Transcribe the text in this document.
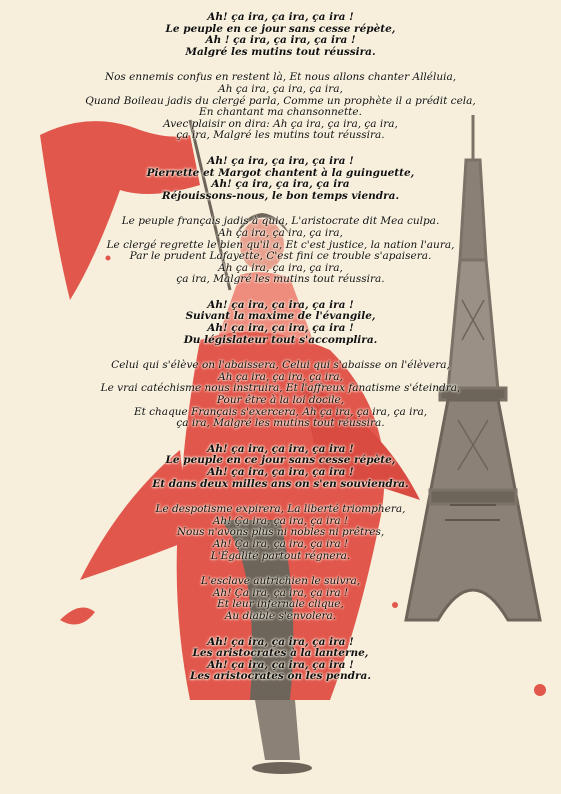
Ah! ça ira, ça ira, ça ira !
Le peuple en ce jour sans cesse répète,
Ah ! ça ira, ça ira, ça ira !
Malgré les mutins tout réussira.
Nos ennemis confus en restent là, Et nous allons chanter Alléluia,
Ah ça ira, ça ira, ça ira,
Quand Boileau jadis du clergé parla, Comme un prophète il a prédit cela,
En chantant ma chansonnette.
Avec plaisir on dira: Ah ça ira, ça ira, ça ira,
ça ira, Malgré les mutins tout réussira.
Ah! ça ira, ça ira, ça ira !
Pierrette et Margot chantent à la guinguette,
Ah! ça ira, ça ira, ça ira
Réjouissons-nous, le bon temps viendra.
Le peuple français jadis à quia, L'aristocrate dit Mea culpa.
Ah ça ira, ça ira, ça ira,
Le clergé regrette le bien qu'il a, Et c'est justice, la nation l'aura,
Par le prudent Lafayette, C'est fini ce trouble s'apaisera.
Ah ça ira, ça ira, ça ira,
ça ira, Malgré les mutins tout réussira.
Ah! ça ira, ça ira, ça ira !
Suivant la maxime de l'évangile,
Ah! ça ira, ça ira, ça ira !
Du législateur tout s'accomplira.
Celui qui s'élève on l'abaissera, Celui qui s'abaisse on l'élèvera,
Ah ça ira, ça ira, ça ira,
Le vrai catéchisme nous instruira, Et l'affreux fanatisme s'éteindra,
Pour être à la loi docile,
Et chaque Français s'exercera, Ah ça ira, ça ira, ça ira,
ça ira, Malgré les mutins tout réussira.
Ah! ça ira, ça ira, ça ira !
Le peuple en ce jour sans cesse répète,
Ah! ça ira, ça ira, ça ira !
Et dans deux milles ans on s'en souviendra.
Le despotisme expirera, La liberté triomphera,
Ah! Ça ira, ça ira, ça ira !
Nous n'avons plus ni nobles ni prêtres,
Ah! Ça ira, ça ira, ça ira !
L'Égalité partout régnera.
L'esclave autrichien le suivra,
Ah! Ça ira, ça ira, ça ira !
Et leur infernale clique,
Au diable s'envolera.
Ah! ça ira, ça ira, ça ira !
Les aristocrates à la lanterne,
Ah! ça ira, ça ira, ça ira !
Les aristocrates on les pendra.
